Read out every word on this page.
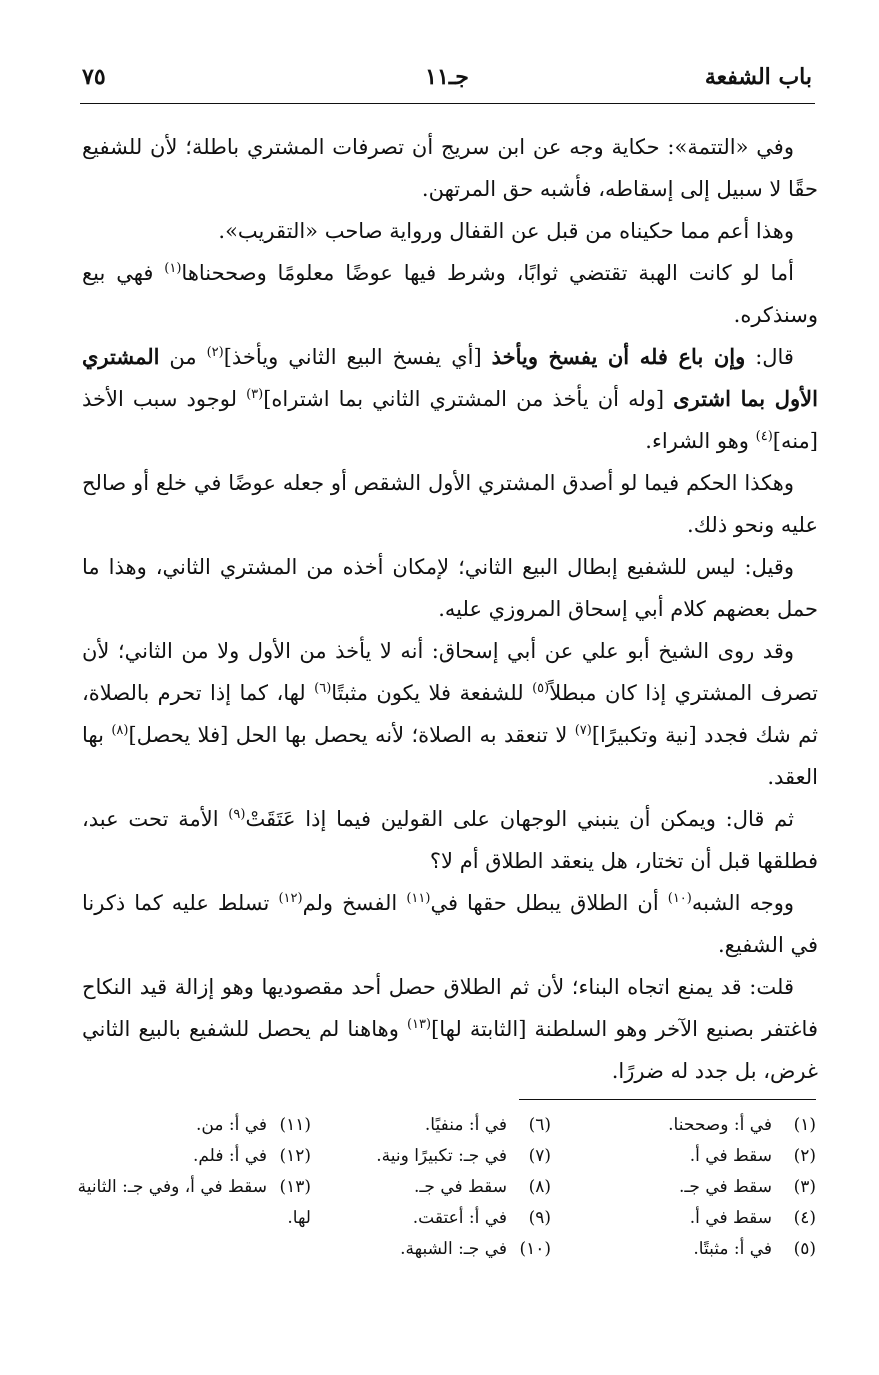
باب الشفعة
جـ١١
٧٥

وفي «التتمة»: حكاية وجه عن ابن سريج أن تصرفات المشتري باطلة؛ لأن للشفيع حقًا لا سبيل إلى إسقاطه، فأشبه حق المرتهن.

وهذا أعم مما حكيناه من قبل عن القفال ورواية صاحب «التقريب».

أما لو كانت الهبة تقتضي ثوابًا، وشرط فيها عوضًا معلومًا وصححناها$^{(١)}$ فهي بيع وسنذكره.

قال: وإن باع فله أن يفسخ ويأخذ [أي يفسخ البيع الثاني ويأخذ]$^{(٢)}$ من المشتري الأول بما اشترى [وله أن يأخذ من المشتري الثاني بما اشتراه]$^{(٣)}$ لوجود سبب الأخذ [منه]$^{(٤)}$ وهو الشراء.

وهكذا الحكم فيما لو أصدق المشتري الأول الشقص أو جعله عوضًا في خلع أو صالح عليه ونحو ذلك.

وقيل: ليس للشفيع إبطال البيع الثاني؛ لإمكان أخذه من المشتري الثاني، وهذا ما حمل بعضهم كلام أبي إسحاق المروزي عليه.

وقد روى الشيخ أبو علي عن أبي إسحاق: أنه لا يأخذ من الأول ولا من الثاني؛ لأن تصرف المشتري إذا كان مبطلاً$^{(٥)}$ للشفعة فلا يكون مثبتًا$^{(٦)}$ لها، كما إذا تحرم بالصلاة، ثم شك فجدد [نية وتكبيرًا]$^{(٧)}$ لا تنعقد به الصلاة؛ لأنه يحصل بها الحل [فلا يحصل]$^{(٨)}$ بها العقد.

ثم قال: ويمكن أن ينبني الوجهان على القولين فيما إذا عَتَقَتْ$^{(٩)}$ الأمة تحت عبد، فطلقها قبل أن تختار، هل ينعقد الطلاق أم لا؟

ووجه الشبه$^{(١٠)}$ أن الطلاق يبطل حقها في$^{(١١)}$ الفسخ ولم$^{(١٢)}$ تسلط عليه كما ذكرنا في الشفيع.

قلت: قد يمنع اتجاه البناء؛ لأن ثم الطلاق حصل أحد مقصوديها وهو إزالة قيد النكاح فاغتفر بصنيع الآخر وهو السلطنة [الثابتة لها]$^{(١٣)}$ وهاهنا لم يحصل للشفيع بالبيع الثاني غرض، بل جدد له ضررًا.

(١)في أ: وصححنا.
(٢)سقط في أ.
(٣)سقط في جـ.
(٤)سقط في أ.
(٥)في أ: مثبتًا.
(٦)في أ: منفيًا.
(٧)في جـ: تكبيرًا ونية.
(٨)سقط في جـ.
(٩)في أ: أعتقت.
(١٠)في جـ: الشبهة.
(١١)في أ: من.
(١٢)في أ: فلم.
(١٣)سقط في أ، وفي جـ: الثانية لها.
